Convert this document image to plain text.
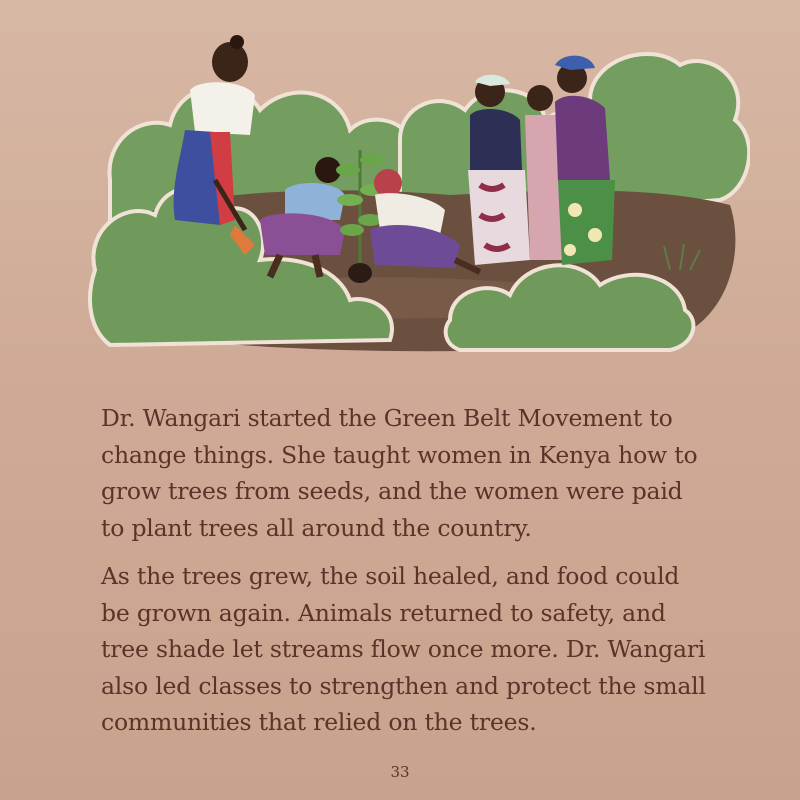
Dr. Wangari started the Green Belt Movement to
change things. She taught women in Kenya how to
grow trees from seeds, and the women were paid
to plant trees all around the country.

As the trees grew, the soil healed, and food could
be grown again. Animals returned to safety, and
tree shade let streams flow once more. Dr. Wangari
also led classes to strengthen and protect the small
communities that relied on the trees.

33
